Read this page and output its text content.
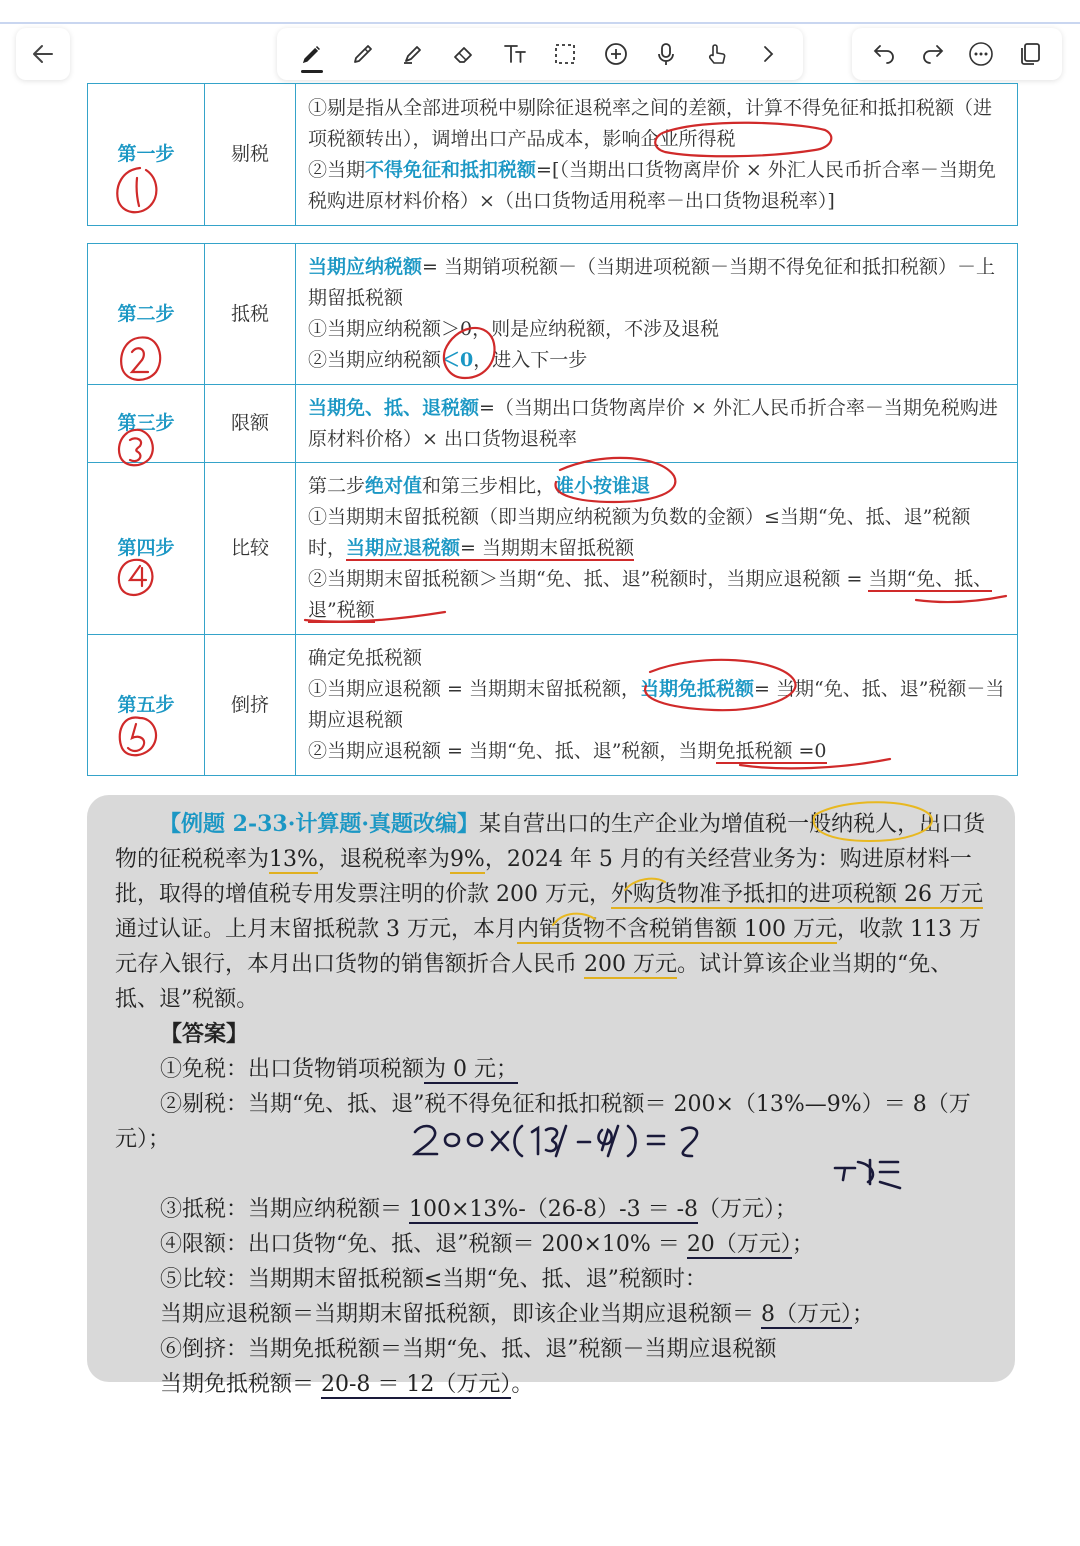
第一步	剔税	①剔是指从全部进项税中剔除征退税率之间的差额，计算不得免征和抵扣税额（进项税额转出），调增出口产品成本，影响企业所得税
②当期不得免征和抵扣税额=[（当期出口货物离岸价 × 外汇人民币折合率－当期免税购进原材料价格）×（出口货物适用税率－出口货物退税率）]
第二步	抵税	当期应纳税额= 当期销项税额－（当期进项税额－当期不得免征和抵扣税额）－上期留抵税额
①当期应纳税额＞0，则是应纳税额，不涉及退税
②当期应纳税额＜0，进入下一步
第三步	限额	当期免、抵、退税额=（当期出口货物离岸价 × 外汇人民币折合率－当期免税购进原材料价格）× 出口货物退税率
第四步	比较	第二步绝对值和第三步相比，谁小按谁退
①当期期末留抵税额（即当期应纳税额为负数的金额）≤当期“免、抵、退”税额时，当期应退税额= 当期期末留抵税额
②当期期末留抵税额＞当期“免、抵、退”税额时，当期应退税额 = 当期“免、抵、退”税额
第五步	倒挤	确定免抵税额
①当期应退税额 = 当期期末留抵税额，当期免抵税额= 当期“免、抵、退”税额－当期应退税额
②当期应退税额 = 当期“免、抵、退”税额，当期免抵税额 =0

【例题 2-33·计算题·真题改编】某自营出口的生产企业为增值税一般纳税人，出口货物的征税税率为13%，退税税率为9%，2024 年 5 月的有关经营业务为：购进原材料一批，取得的增值税专用发票注明的价款 200 万元，外购货物准予抵扣的进项税额 26 万元通过认证。上月末留抵税款 3 万元，本月内销货物不含税销售额 100 万元，收款 113 万元存入银行，本月出口货物的销售额折合人民币 200 万元。试计算该企业当期的“免、抵、退”税额。

【答案】

①免税：出口货物销项税额为 0 元；

②剔税：当期“免、抵、退”税不得免征和抵扣税额＝ 200×（13%—9%）＝ 8（万元）；

③抵税：当期应纳税额＝ 100×13%-（26-8）-3 ＝ -8（万元）；

④限额：出口货物“免、抵、退”税额＝ 200×10% ＝ 20（万元）；

⑤比较：当期期末留抵税额≤当期“免、抵、退”税额时：

当期应退税额＝当期期末留抵税额，即该企业当期应退税额＝ 8（万元）；

⑥倒挤：当期免抵税额＝当期“免、抵、退”税额－当期应退税额

当期免抵税额＝ 20-8 ＝ 12（万元）。
